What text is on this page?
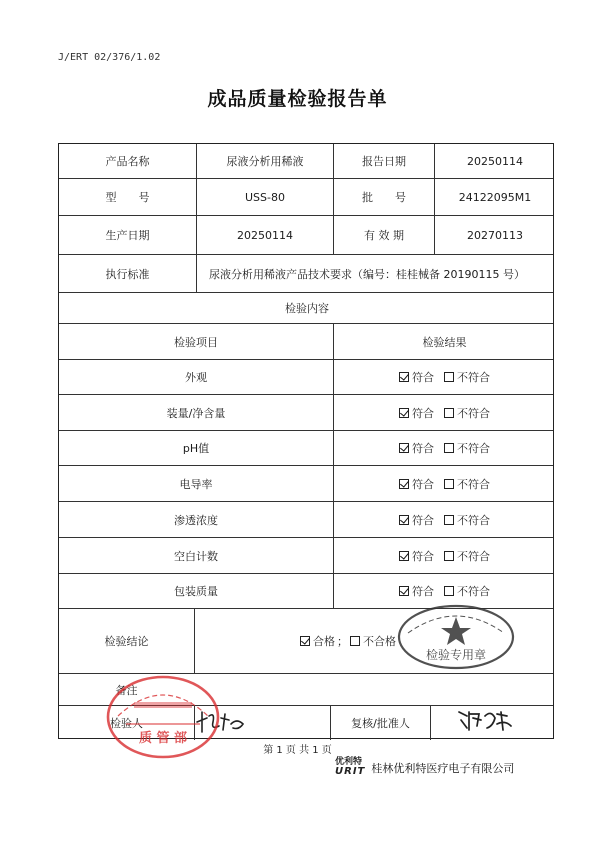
J/ERT 02/376/1.02
成品质量检验报告单
产品名称	尿液分析用稀液	报告日期	20250114
型　　号	USS-80	批　　号	24122095M1
生产日期	20250114	有 效 期	20270113
执行标准	尿液分析用稀液产品技术要求（编号：桂桂械备 20190115 号）
检验内容
检验项目	检验结果
外观	符合 不符合
装量/净含量	符合 不符合
pH值	符合 不符合
电导率	符合 不符合
渗透浓度	符合 不符合
空白计数	符合 不符合
包装质量	符合 不符合
检验结论	合格 ； 不合格
备注
检验人	复核/批准人
质 管 部
检验专用章
第 1 页 共 1 页
优利特
URIT 桂林优利特医疗电子有限公司
